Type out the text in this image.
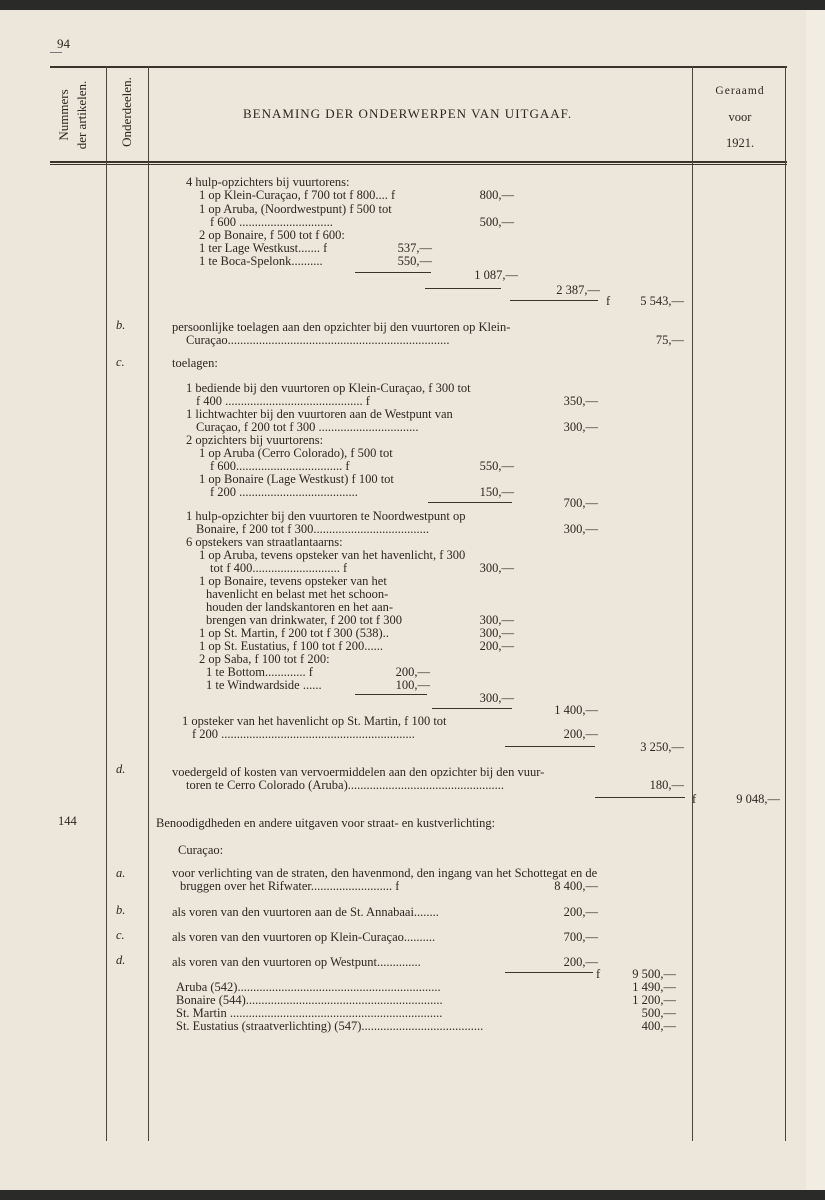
94
Nummers der artikelen. Onderdeelen.	BENAMING DER ONDERWERPEN VAN UITGAAF.
Geraamd
voor
1921.
4 hulp-opzichters bij vuurtorens:
1 op Klein-Curaçao, f 700 tot f 800.... f	800,—
1 op Aruba, (Noordwestpunt) f 500 tot
f 600 ..............................	500,—
2 op Bonaire, f 500 tot f 600:
1 ter Lage Westkust....... f	537,—
1 te Boca-Spelonk..........	550,—
1 087,—
2 387,—
f	5 543,—
b.	persoonlijke toelagen aan den opzichter bij den vuurtoren op Klein-
Curaçao.......................................................................	75,—
c.	toelagen:
1 bediende bij den vuurtoren op Klein-Curaçao, f 300 tot
f 400 ............................................ f	350,—
1 lichtwachter bij den vuurtoren aan de Westpunt van
Curaçao, f 200 tot f 300 ................................	300,—
2 opzichters bij vuurtorens:
1 op Aruba (Cerro Colorado), f 500 tot
f 600.................................. f	550,—
1 op Bonaire (Lage Westkust) f 100 tot
f 200 ......................................	150,—
700,—
1 hulp-opzichter bij den vuurtoren te Noordwestpunt op
Bonaire, f 200 tot f 300.....................................	300,—
6 opstekers van straatlantaarns:
1 op Aruba, tevens opsteker van het havenlicht, f 300
tot f 400............................ f	300,—
1 op Bonaire, tevens opsteker van het
havenlicht en belast met het schoon-
houden der landskantoren en het aan-
brengen van drinkwater, f 200 tot f 300	300,—
1 op St. Martin, f 200 tot f 300 (538)..	300,—
1 op St. Eustatius, f 100 tot f 200......	200,—
2 op Saba, f 100 tot f 200:
1 te Bottom............. f	200,—
1 te Windwardside ......	100,—
300,—
1 400,—
1 opsteker van het havenlicht op St. Martin, f 100 tot
f 200 ..............................................................	200,—
3 250,—
d.	voedergeld of kosten van vervoermiddelen aan den opzichter bij den vuur-
toren te Cerro Colorado (Aruba)..................................................	180,—
f	9 048,—
144	Benoodigdheden en andere uitgaven voor straat- en kustverlichting:
Curaçao:
a.	voor verlichting van de straten, den havenmond, den ingang van het Schottegat en de
bruggen over het Rifwater.......................... f	8 400,—
b.	als voren van den vuurtoren aan de St. Annabaai........	200,—
c.	als voren van den vuurtoren op Klein-Curaçao..........	700,—
d.	als voren van den vuurtoren op Westpunt..............	200,—
f	9 500,—
Aruba (542).................................................................	1 490,—
Bonaire (544)...............................................................	1 200,—
St. Martin ....................................................................	500,—
St. Eustatius (straatverlichting) (547).......................................	400,—
